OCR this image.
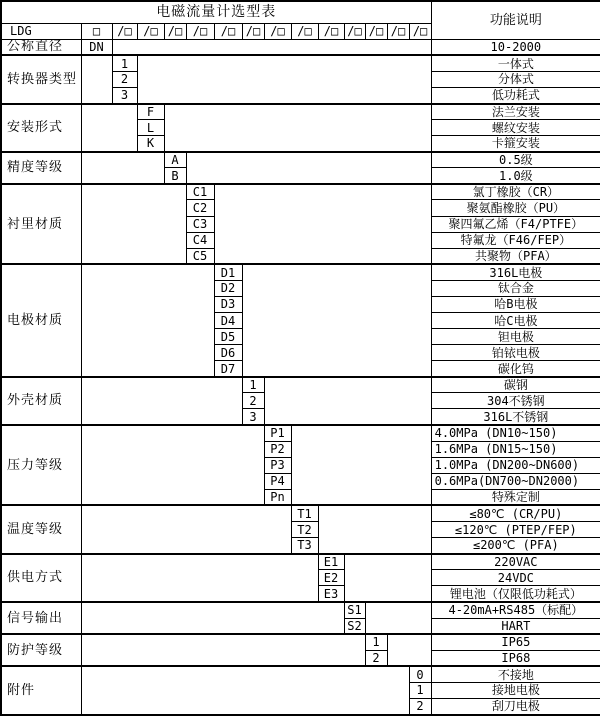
电磁流量计选型表															功能说明
LDG	□	/□	/□	/□	/□	/□	/□	/□	/□	/□	/□	/□	/□	/□	
公称直径	DN														10-2000
转换器类型		1													一体式
		2													分体式
		3													低功耗式
安装形式			F												法兰安装
			L												螺纹安装
			K												卡箍安装
精度等级				A											0.5级
				B											1.0级
衬里材质					C1										氯丁橡胶（CR）
					C2										聚氨酯橡胶（PU）
					C3										聚四氟乙烯（F4/PTFE）
					C4										特氟龙（F46/FEP）
					C5										共聚物（PFA）
电极材质						D1									316L电极
						D2									钛合金
						D3									哈B电极
						D4									哈C电极
						D5									钽电极
						D6									铂铱电极
						D7									碳化钨
外壳材质							1								碳钢
							2								304不锈钢
							3								316L不锈钢
压力等级								P1							4.0MPa (DN10~150)
								P2							1.6MPa (DN15~150)
								P3							1.0MPa (DN200~DN600)
								P4							0.6MPa(DN700~DN2000)
								Pn							特殊定制
温度等级									T1						≤80℃ (CR/PU)
									T2						≤120℃ (PTEP/FEP)
									T3						≤200℃ (PFA)
供电方式										E1					220VAC
										E2					24VDC
										E3					锂电池（仅限低功耗式）
信号输出											S1				4-20mA+RS485（标配）
											S2				HART
防护等级												1			IP65
												2			IP68
附件														0	不接地
														1	接地电极
														2	刮刀电极
